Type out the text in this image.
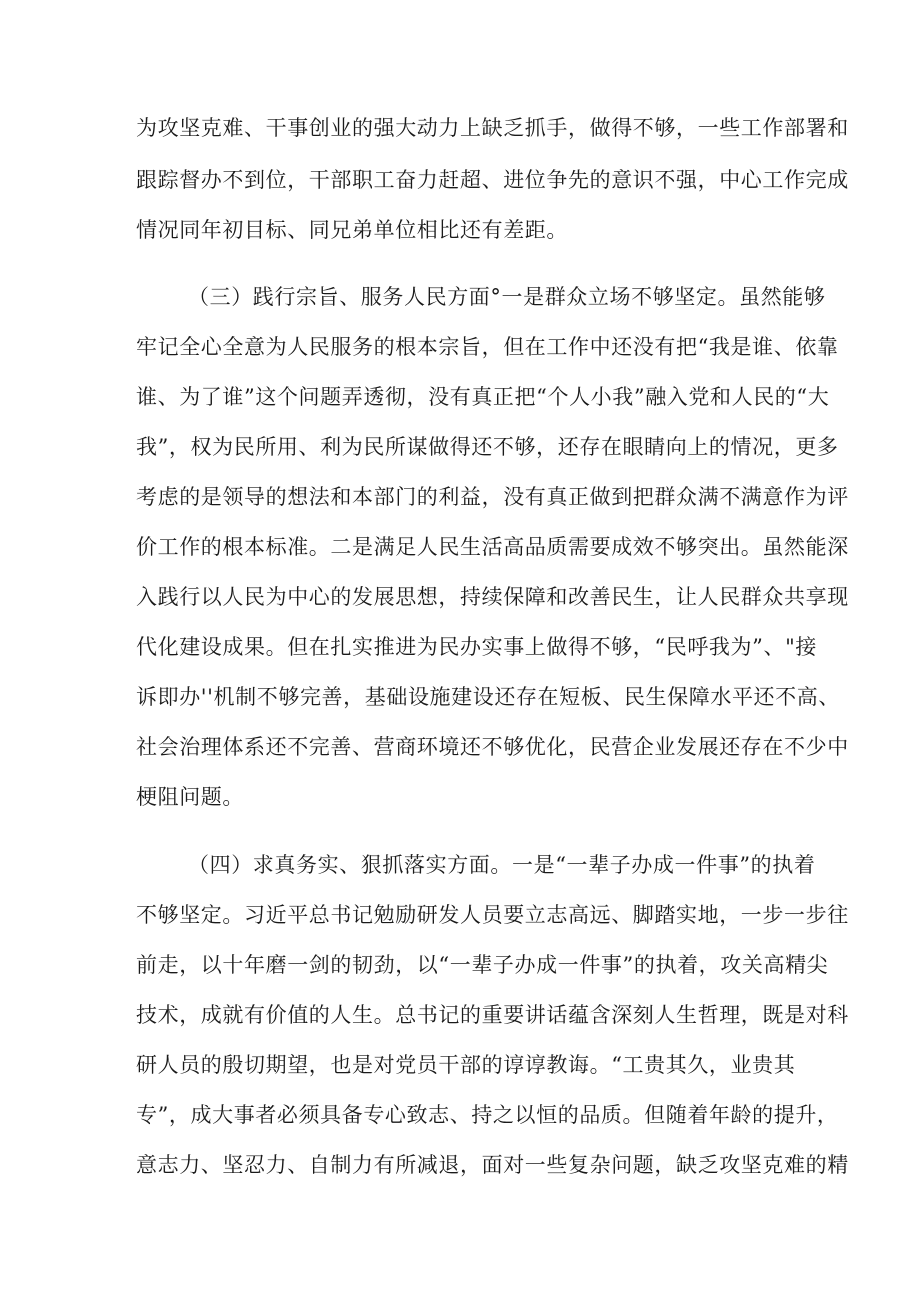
为攻坚克难、干事创业的强大动力上缺乏抓手，做得不够，一些工作部署和
跟踪督办不到位，干部职工奋力赶超、进位争先的意识不强，中心工作完成
情况同年初目标、同兄弟单位相比还有差距。
（三）践行宗旨、服务人民方面°一是群众立场不够坚定。虽然能够
牢记全心全意为人民服务的根本宗旨，但在工作中还没有把“我是谁、依靠
谁、为了谁”这个问题弄透彻，没有真正把“个人小我”融入党和人民的“大
我”，权为民所用、利为民所谋做得还不够，还存在眼睛向上的情况，更多
考虑的是领导的想法和本部门的利益，没有真正做到把群众满不满意作为评
价工作的根本标准。二是满足人民生活高品质需要成效不够突出。虽然能深
入践行以人民为中心的发展思想，持续保障和改善民生，让人民群众共享现
代化建设成果。但在扎实推进为民办实事上做得不够，“民呼我为”、"接
诉即办''机制不够完善，基础设施建设还存在短板、民生保障水平还不高、
社会治理体系还不完善、营商环境还不够优化，民营企业发展还存在不少中
梗阻问题。
（四）求真务实、狠抓落实方面。一是“一辈子办成一件事”的执着
不够坚定。习近平总书记勉励研发人员要立志高远、脚踏实地，一步一步往
前走，以十年磨一剑的韧劲，以“一辈子办成一件事”的执着，攻关高精尖
技术，成就有价值的人生。总书记的重要讲话蕴含深刻人生哲理，既是对科
研人员的殷切期望，也是对党员干部的谆谆教诲。“工贵其久，业贵其
专”，成大事者必须具备专心致志、持之以恒的品质。但随着年龄的提升，
意志力、坚忍力、自制力有所减退，面对一些复杂问题，缺乏攻坚克难的精
